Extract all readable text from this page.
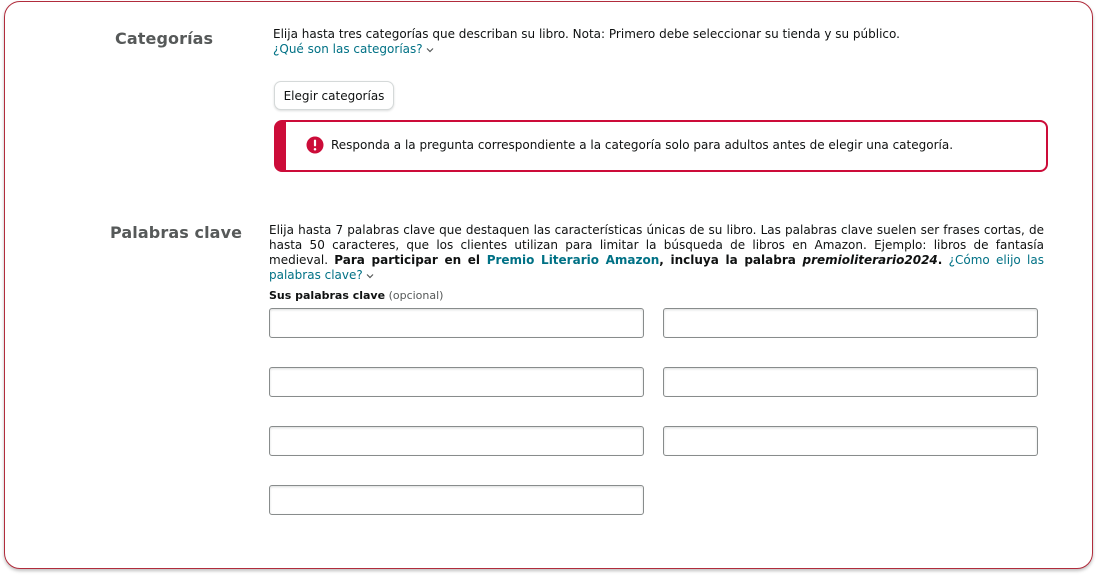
Categorías	Elija hasta tres categorías que describan su libro. Nota: Primero debe seleccionar su tienda y su público.
¿Qué son las categorías?
Elegir categorías
Responda a la pregunta correspondiente a la categoría solo para adultos antes de elegir una categoría.
Palabras clave Elija hasta 7 palabras clave que destaquen las características únicas de su libro. Las palabras clave suelen ser frases cortas, de hasta 50 caracteres, que los clientes utilizan para limitar la búsqueda de libros en Amazon. Ejemplo: libros de fantasía medieval. Para participar en el Premio Literario Amazon, incluya la palabra premioliterario2024. ¿Cómo elijo las palabras clave?
Sus palabras clave (opcional)
